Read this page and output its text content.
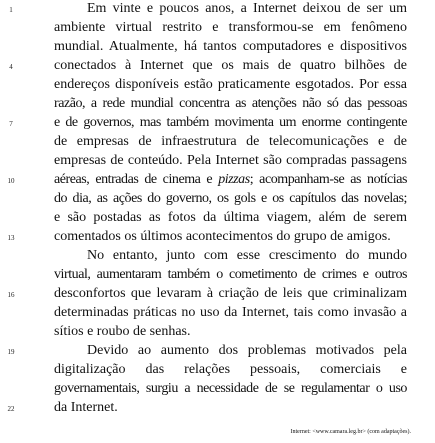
1	Em vinte e poucos anos, a Internet deixou de ser um
ambiente virtual restrito e transformou-se em fenômeno
mundial. Atualmente, há tantos computadores e dispositivos
4	conectados à Internet que os mais de quatro bilhões de
endereços disponíveis estão praticamente esgotados. Por essa
razão, a rede mundial concentra as atenções não só das pessoas
7	e de governos, mas também movimenta um enorme contingente
de empresas de infraestrutura de telecomunicações e de
empresas de conteúdo. Pela Internet são compradas passagens
10	aéreas, entradas de cinema e pizzas; acompanham-se as notícias
do dia, as ações do governo, os gols e os capítulos das novelas;
e são postadas as fotos da última viagem, além de serem
13	comentados os últimos acontecimentos do grupo de amigos.
No entanto, junto com esse crescimento do mundo
virtual, aumentaram também o cometimento de crimes e outros
16	desconfortos que levaram à criação de leis que criminalizam
determinadas práticas no uso da Internet, tais como invasão a
sítios e roubo de senhas.
19	Devido ao aumento dos problemas motivados pela
digitalização das relações pessoais, comerciais e
governamentais, surgiu a necessidade de se regulamentar o uso
22	da Internet.
Internet: <www.camara.leg.br> (com adaptações).
